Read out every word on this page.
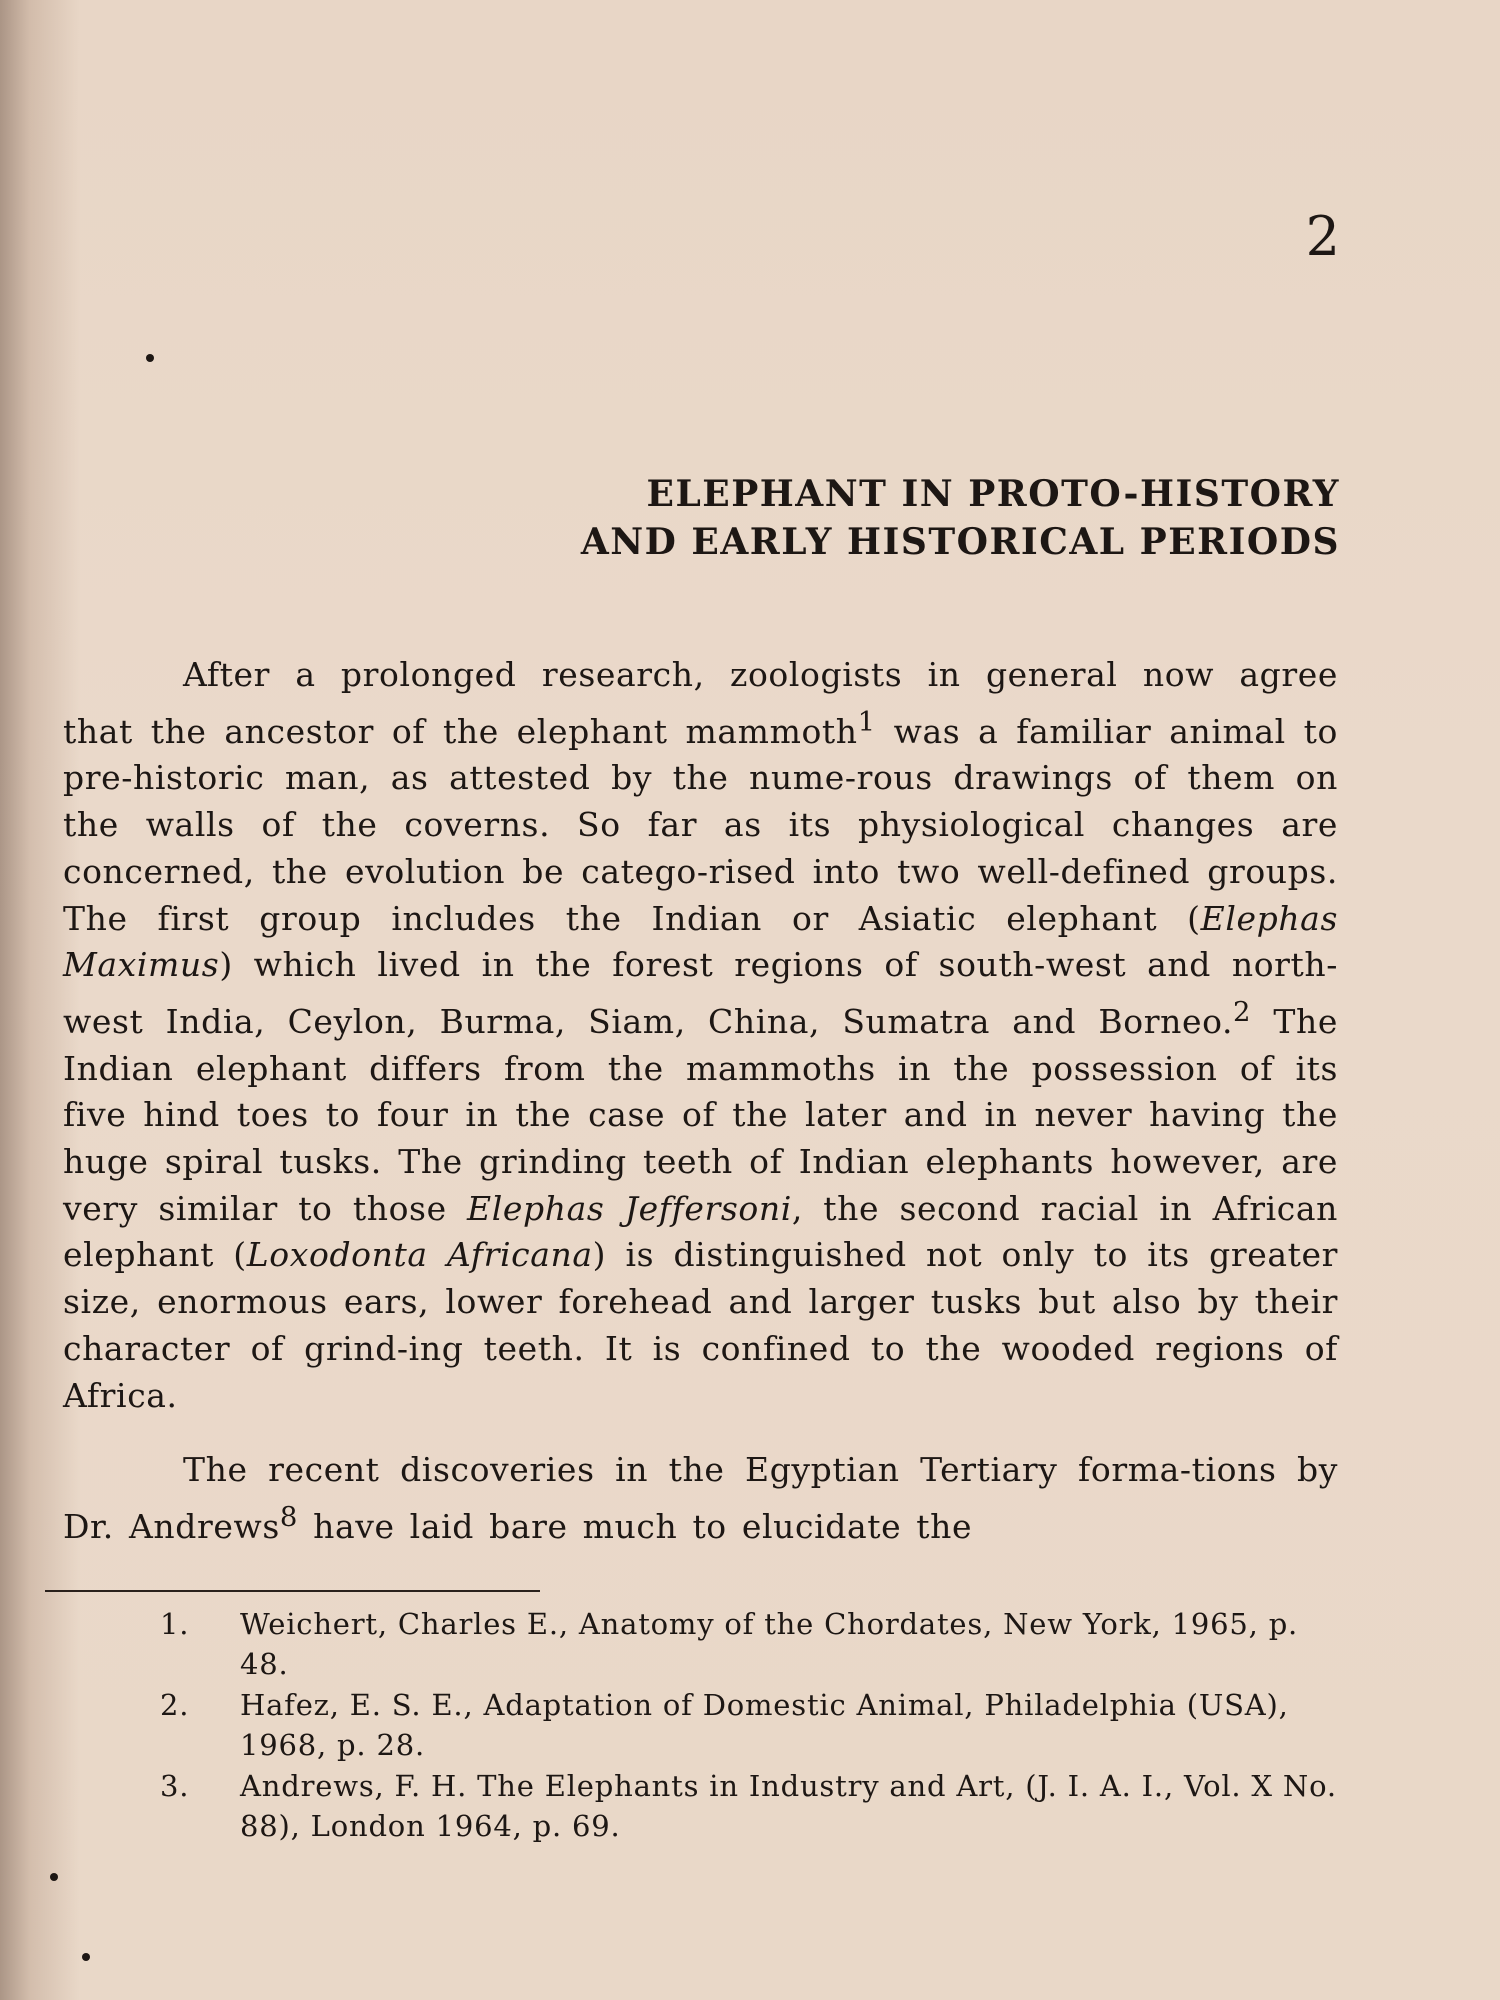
2
ELEPHANT IN PROTO-HISTORY
AND EARLY HISTORICAL PERIODS

After a prolonged research, zoologists in general now agree that the ancestor of the elephant mammoth$^1$ was a familiar animal to pre-historic man, as attested by the nume-rous drawings of them on the walls of the coverns. So far as its physiological changes are concerned, the evolution be catego-rised into two well-defined groups. The first group includes the Indian or Asiatic elephant (Elephas Maximus) which lived in the forest regions of south-west and north-west India, Ceylon, Burma, Siam, China, Sumatra and Borneo.$^2$ The Indian elephant differs from the mammoths in the possession of its five hind toes to four in the case of the later and in never having the huge spiral tusks. The grinding teeth of Indian elephants however, are very similar to those Elephas Jeffersoni, the second racial in African elephant (Loxodonta Africana) is distinguished not only to its greater size, enormous ears, lower forehead and larger tusks but also by their character of grind-ing teeth. It is confined to the wooded regions of Africa.

The recent discoveries in the Egyptian Tertiary forma-tions by Dr. Andrews$^8$ have laid bare much to elucidate the

1.	Weichert, Charles E., Anatomy of the Chordates, New York, 1965, p. 48.
2.	Hafez, E. S. E., Adaptation of Domestic Animal, Philadelphia (USA), 1968, p. 28.
3.	Andrews, F. H. The Elephants in Industry and Art, (J. I. A. I., Vol. X No. 88), London 1964, p. 69.
